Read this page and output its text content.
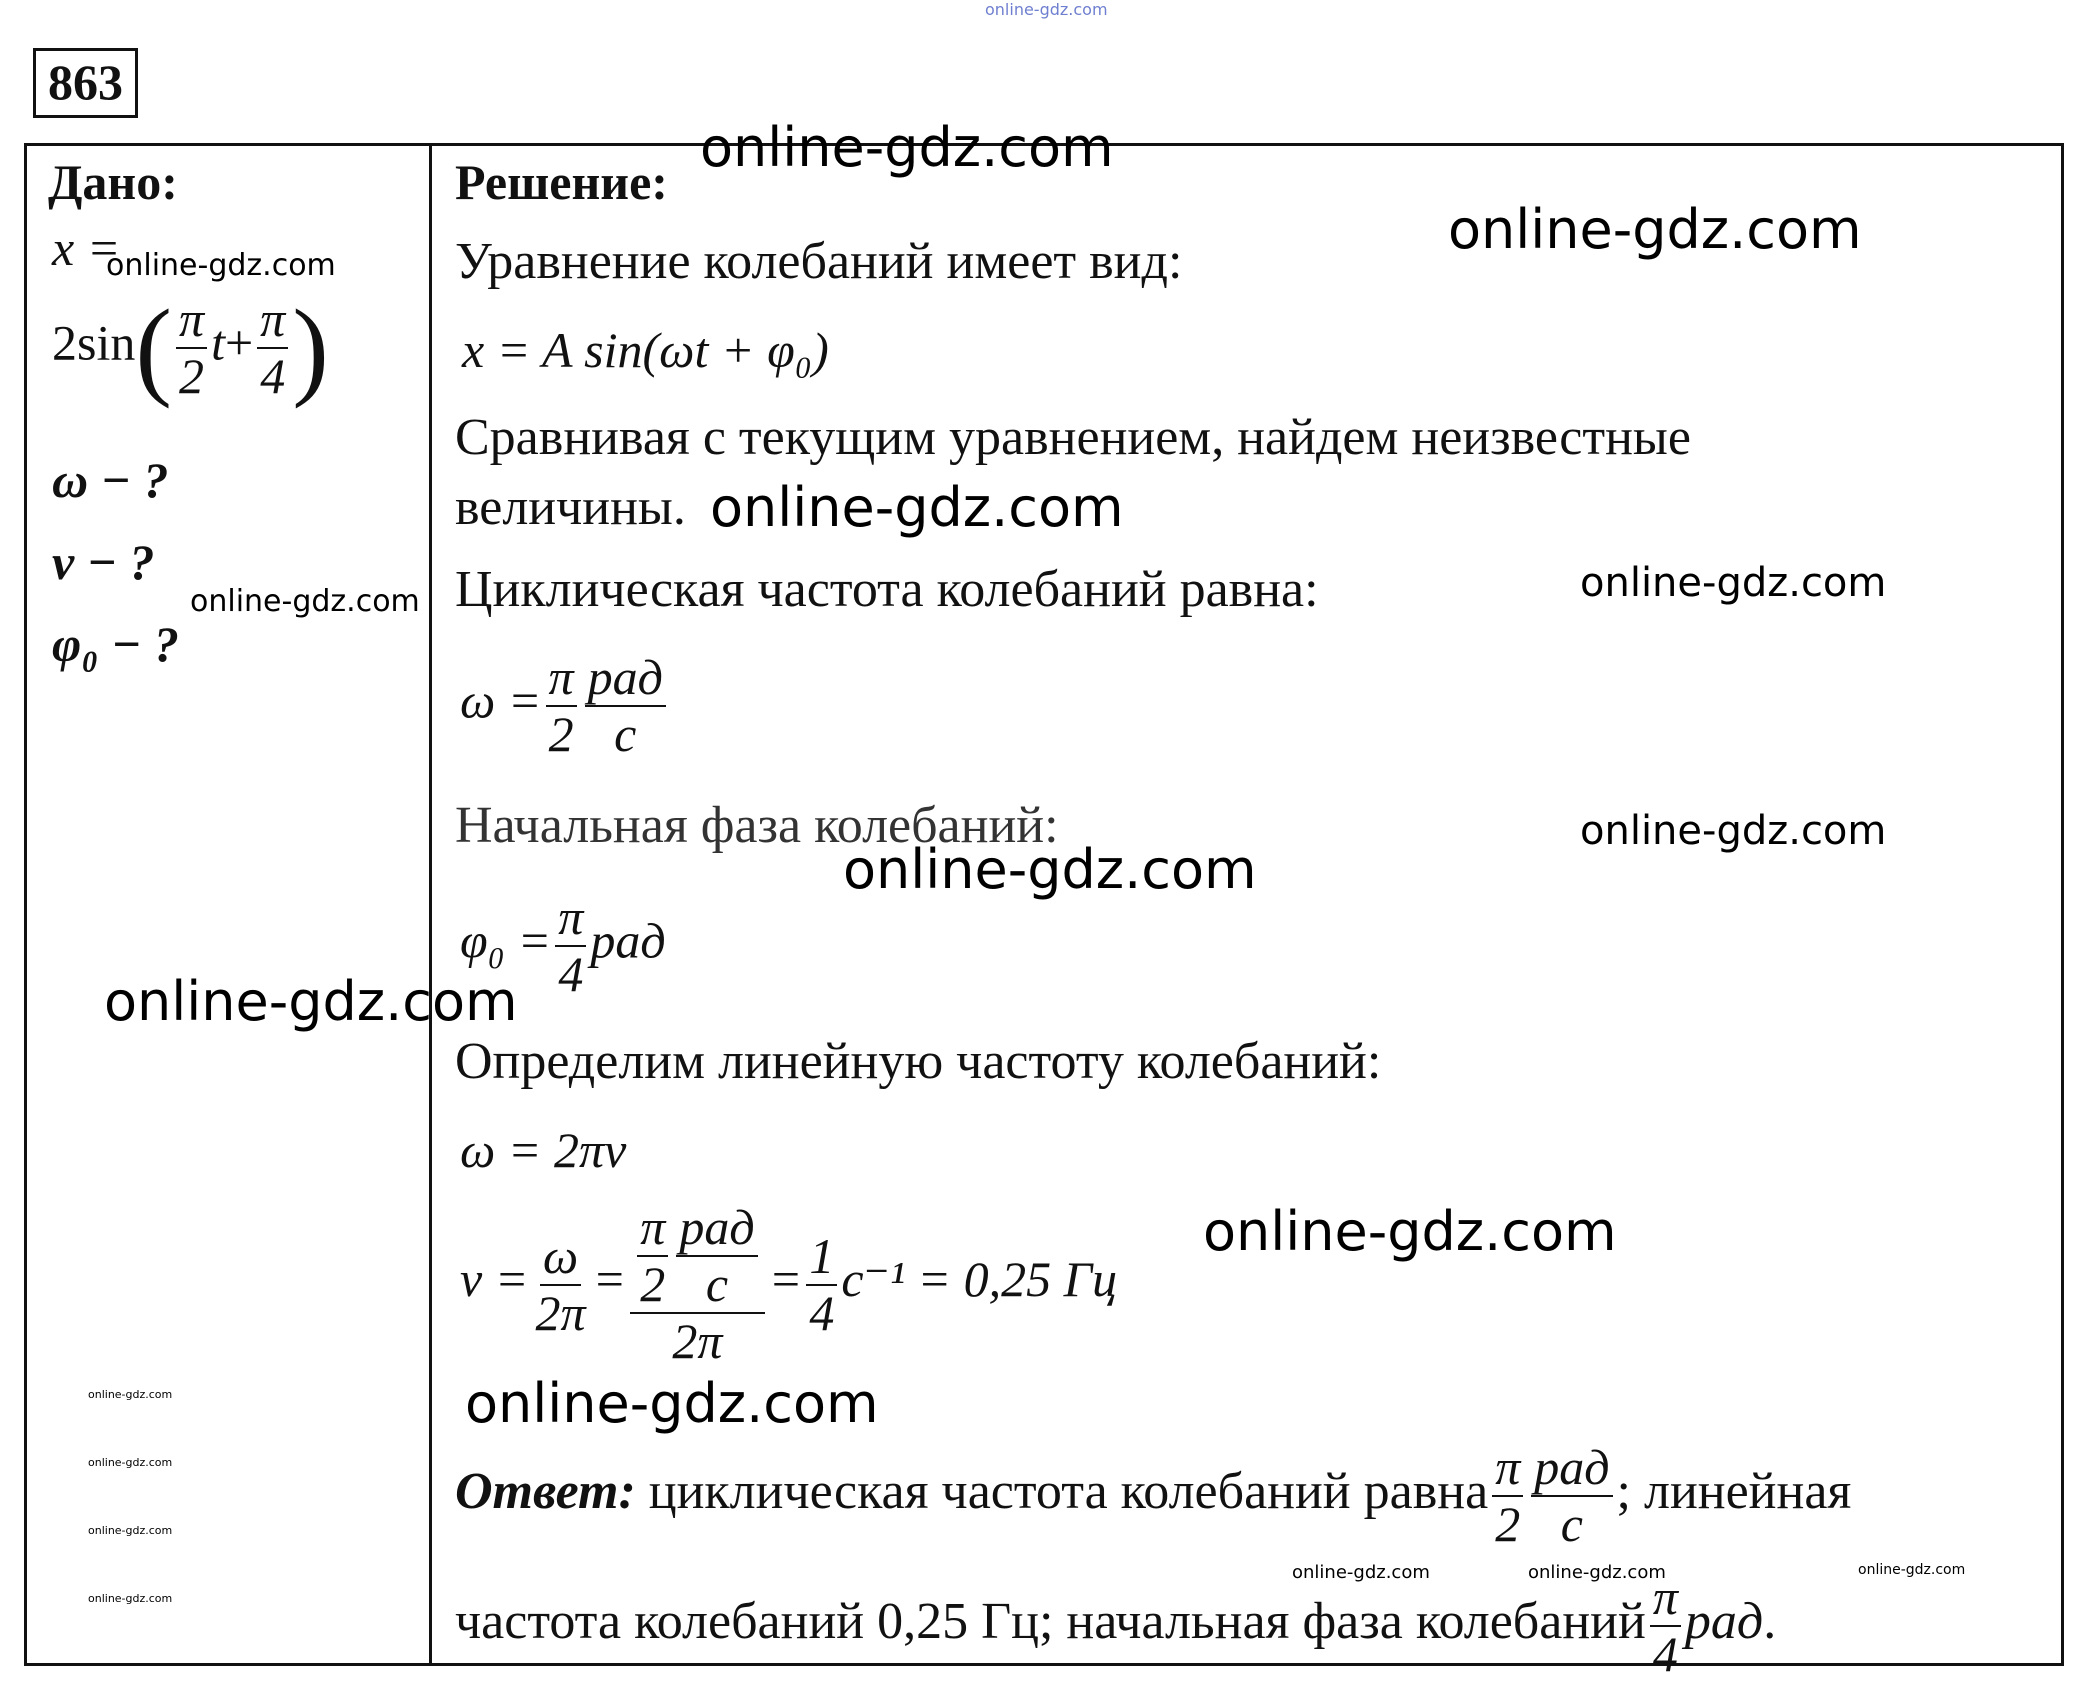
online-gdz.com
863
Дано:
x =
$2\sin( \frac{\pi}{2} t+ \frac{\pi}{4}$ )
ω − ?
ν − ?
φ₀ − ?
Решение:
Уравнение колебаний имеет вид:
x = A sin(ωt + φ₀)
Сравнивая с текущим уравнением, найдем неизвестные
величины.
Циклическая частота колебаний равна:
$\omega = \frac{\pi}{2} \frac{\text{рад}}{с}$
Начальная фаза колебаний:
$\varphi_0 = \frac{\pi}{4}$ рад
Определим линейную частоту колебаний:
ω = 2πν
$\nu = \frac{\omega}{2\pi} = \frac{\frac{\pi}{2} \frac{\text{рад}}{с}}{2\pi} = \frac{1}{4} с^{-1} = 0,25$ Гц
Ответ: циклическая частота колебаний равна $\frac{\pi}{2} \frac{\text{рад}}{с}$ ; линейная
частота колебаний 0,25 Гц; начальная фаза колебаний $\frac{\pi}{4}$ рад.
online-gdz.com
online-gdz.com
online-gdz.com
online-gdz.com
online-gdz.com	online-gdz.com
online-gdz.com
online-gdz.com
online-gdz.com
online-gdz.com
online-gdz.com
online-gdz.com
online-gdz.com
online-gdz.com
online-gdz.com
online-gdz.com	online-gdz.com	online-gdz.com
